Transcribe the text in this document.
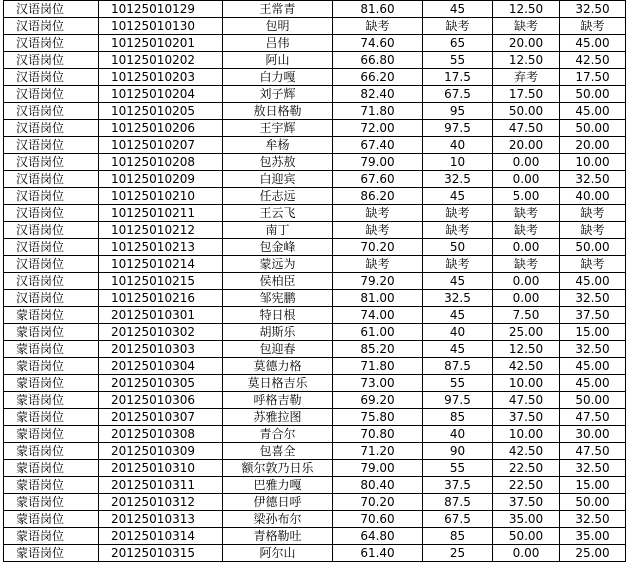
汉语岗位	10125010129	王常青	81.60	45	12.50	32.50
汉语岗位	10125010130	包明	缺考	缺考	缺考	缺考
汉语岗位	10125010201	吕伟	74.60	65	20.00	45.00
汉语岗位	10125010202	阿山	66.80	55	12.50	42.50
汉语岗位	10125010203	白力嘎	66.20	17.5	弃考	17.50
汉语岗位	10125010204	刘子辉	82.40	67.5	17.50	50.00
汉语岗位	10125010205	敖日格勒	71.80	95	50.00	45.00
汉语岗位	10125010206	王宇辉	72.00	97.5	47.50	50.00
汉语岗位	10125010207	牟杨	67.40	40	20.00	20.00
汉语岗位	10125010208	包苏敖	79.00	10	0.00	10.00
汉语岗位	10125010209	白迎宾	67.60	32.5	0.00	32.50
汉语岗位	10125010210	任志远	86.20	45	5.00	40.00
汉语岗位	10125010211	王云飞	缺考	缺考	缺考	缺考
汉语岗位	10125010212	南丁	缺考	缺考	缺考	缺考
汉语岗位	10125010213	包金峰	70.20	50	0.00	50.00
汉语岗位	10125010214	蒙远为	缺考	缺考	缺考	缺考
汉语岗位	10125010215	侯柏臣	79.20	45	0.00	45.00
汉语岗位	10125010216	邹宪鹏	81.00	32.5	0.00	32.50
蒙语岗位	20125010301	特日根	74.00	45	7.50	37.50
蒙语岗位	20125010302	胡斯乐	61.00	40	25.00	15.00
蒙语岗位	20125010303	包迎春	85.20	45	12.50	32.50
蒙语岗位	20125010304	莫德力格	71.80	87.5	42.50	45.00
蒙语岗位	20125010305	莫日格吉乐	73.00	55	10.00	45.00
蒙语岗位	20125010306	呼格吉勒	69.20	97.5	47.50	50.00
蒙语岗位	20125010307	苏雅拉图	75.80	85	37.50	47.50
蒙语岗位	20125010308	青合尔	70.80	40	10.00	30.00
蒙语岗位	20125010309	包喜全	71.20	90	42.50	47.50
蒙语岗位	20125010310	额尔敦乃日乐	79.00	55	22.50	32.50
蒙语岗位	20125010311	巴雅力嘎	80.40	37.5	22.50	15.00
蒙语岗位	20125010312	伊德日呼	70.20	87.5	37.50	50.00
蒙语岗位	20125010313	梁孙布尔	70.60	67.5	35.00	32.50
蒙语岗位	20125010314	青格勒吐	64.80	85	50.00	35.00
蒙语岗位	20125010315	阿尔山	61.40	25	0.00	25.00
